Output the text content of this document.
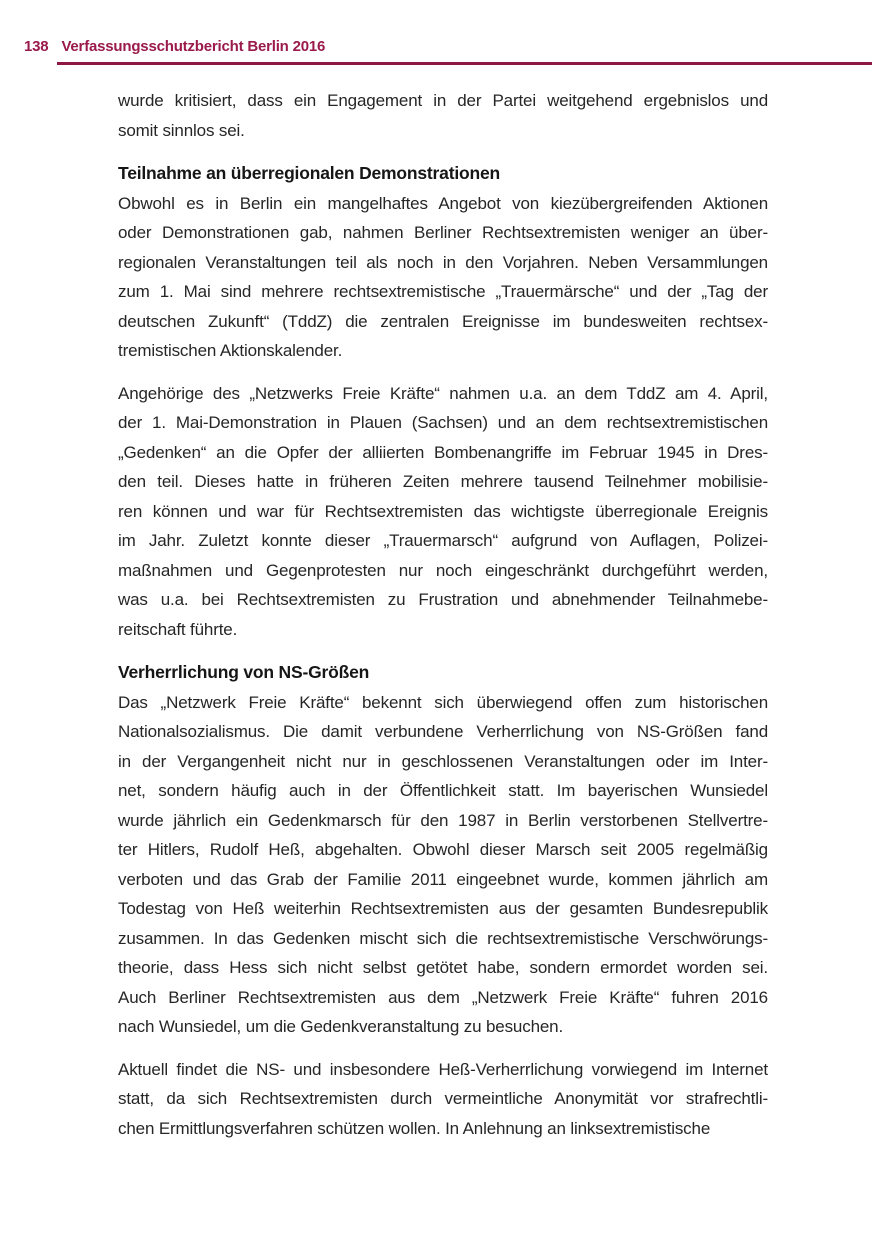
138 Verfassungsschutzbericht Berlin 2016
wurde kritisiert, dass ein Engagement in der Partei weitgehend ergebnislos und
somit sinnlos sei.
Teilnahme an überregionalen Demonstrationen
Obwohl es in Berlin ein mangelhaftes Angebot von kiezübergreifenden Aktionen
oder Demonstrationen gab, nahmen Berliner Rechtsextremisten weniger an über-
regionalen Veranstaltungen teil als noch in den Vorjahren. Neben Versammlungen
zum 1. Mai sind mehrere rechtsextremistische „Trauermärsche“ und der „Tag der
deutschen Zukunft“ (TddZ) die zentralen Ereignisse im bundesweiten rechtsex-
tremistischen Aktionskalender.
Angehörige des „Netzwerks Freie Kräfte“ nahmen u.a. an dem TddZ am 4. April,
der 1. Mai-Demonstration in Plauen (Sachsen) und an dem rechtsextremistischen
„Gedenken“ an die Opfer der alliierten Bombenangriffe im Februar 1945 in Dres-
den teil. Dieses hatte in früheren Zeiten mehrere tausend Teilnehmer mobilisie-
ren können und war für Rechtsextremisten das wichtigste überregionale Ereignis
im Jahr. Zuletzt konnte dieser „Trauermarsch“ aufgrund von Auflagen, Polizei-
maßnahmen und Gegenprotesten nur noch eingeschränkt durchgeführt werden,
was u.a. bei Rechtsextremisten zu Frustration und abnehmender Teilnahmebe-
reitschaft führte.
Verherrlichung von NS-Größen
Das „Netzwerk Freie Kräfte“ bekennt sich überwiegend offen zum historischen
Nationalsozialismus. Die damit verbundene Verherrlichung von NS-Größen fand
in der Vergangenheit nicht nur in geschlossenen Veranstaltungen oder im Inter-
net, sondern häufig auch in der Öffentlichkeit statt. Im bayerischen Wunsiedel
wurde jährlich ein Gedenkmarsch für den 1987 in Berlin verstorbenen Stellvertre-
ter Hitlers, Rudolf Heß, abgehalten. Obwohl dieser Marsch seit 2005 regelmäßig
verboten und das Grab der Familie 2011 eingeebnet wurde, kommen jährlich am
Todestag von Heß weiterhin Rechtsextremisten aus der gesamten Bundesrepublik
zusammen. In das Gedenken mischt sich die rechtsextremistische Verschwörungs-
theorie, dass Hess sich nicht selbst getötet habe, sondern ermordet worden sei.
Auch Berliner Rechtsextremisten aus dem „Netzwerk Freie Kräfte“ fuhren 2016
nach Wunsiedel, um die Gedenkveranstaltung zu besuchen.
Aktuell findet die NS- und insbesondere Heß-Verherrlichung vorwiegend im Internet
statt, da sich Rechtsextremisten durch vermeintliche Anonymität vor strafrechtli-
chen Ermittlungsverfahren schützen wollen. In Anlehnung an linksextremistische
